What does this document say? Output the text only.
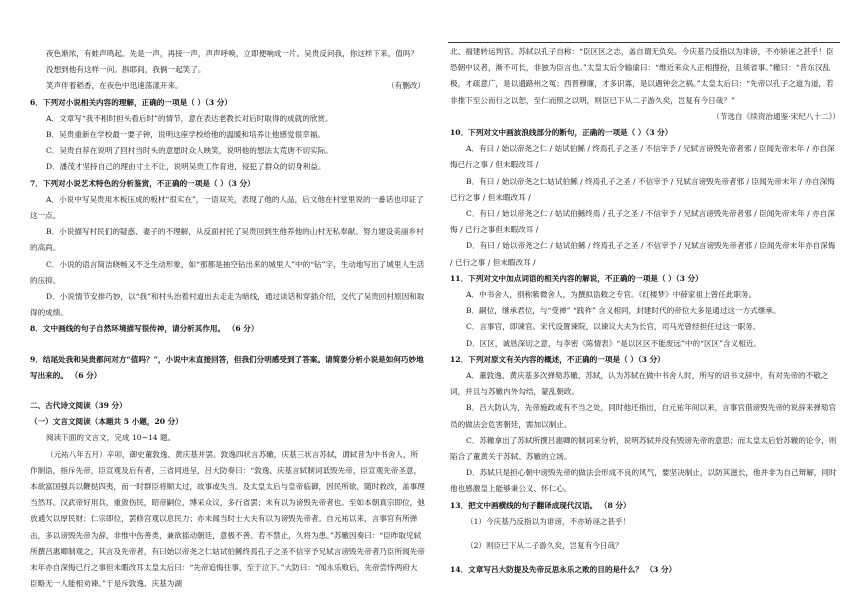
夜色渐浓，有蛙声鸣起。先是一声，再接一声，声声呼唤，立即便响成一片。吴贵反问我，你这样下来，值吗？
没想到他有这样一问。斟耶间，我俩一起笑了。
笑声伴着稻香，在夜色中迅速荡漾开来。	（有删改）
6．下列对小说相关内容的理解，正确的一项是（ ）（3 分）
A．文章写“我不相时担头看后时”的情节，意在表达老教长对后时取得的成就的欣赏。
B．吴贵重新在学校最一要子钟，说明这座学校给他的温暖和培养让他感觉很幸福。
C．吴贵自荐在说明了回村当时头的意愿时众人映笑，说明他的想法太荒唐不切实际。
D．潘茂才坚持自己的理由寸土不让，说明吴贵工作育进，侵犯了群众的切身利益。
7．下列对小说艺术特色的分析鉴赏，不正确的一项是（ ）（3 分）
A．小说中写吴贵用木板压成的板材“很实在”，一语双关，表现了他的人品，后文他在村堂里说的一番话也印证了这一点。
B．小说描写村民们的疑惑、妻子的不理解，从反面衬托了吴贵回到生他养他的山村无私奉献、努力建设美丽乡村的高尚。
C．小说的语言简洁晓畅又不乏生动形象，如“那都是抽空钻出来的城里人”中的“钻”字，生动地写出了城里人生活的压抑。
D．小说情节安排巧妙，以“我”和村头治着村道出去走走为暗线，通过谈话和穿插介绍，交代了吴贵回村原因和取得的成绩。
8．文中画线的句子自然环境描写很传神，请分析其作用。 （6 分）
9．结尾处我和吴贵都问对方“值吗？”，小说中未直接回答，但我们分明感受到了答案。请简要分析小说是如何巧妙地写出来的。 （6 分）
二、古代诗文阅读（39 分）
（一）文言文阅读（本题共 5 小题，20 分）
阅读下面的文言文，完成 10~14 题。
（元祐八年五月）辛卯，御史董敦逸、黄庆基并罢。敦逸四状言苏辙，庆基三状言苏轼，谓轼昔为中书舍人，所作制诰，指斥先帝，臣宣观及后有者，三省同进呈，吕大防奏曰：“敦逸、庆基言轼制词诋毁先帝，臣宣观先帝圣意，本欲富国强兵以鞭挞四夷，而一时群臣将顺太过，故事或失当。及太皇太后与皇帝临御，因民所欲，随时救改，盖事理当然耳。汉武帝好用兵，重敛伤民，昭帝嗣位，博采众议，多行省罢；未有以为谤毁先帝者也。至如本朝真宗即位，弛放逋欠以厚民财；仁宗即位，罢修宫观以息民力；亦未闻当时士大夫有以为谤毁先帝者。自元祐以来，言事官有所弹击，多以谤毁先帝为辞，非惟中伤善类，兼欲摇动朝廷，意极不善。若不禁止，久将为患。”苏辙因奏曰：“臣昨取见轼所撰吕惠卿制观之，其言及先帝者，有曰始以帝尧之仁姑试伯鲧终焉孔子之圣不信宰予兄轼言谤毁先帝者乃臣所闻先帝末年亦自深悔已行之事但未暇改耳太皇太后曰：“先帝追悔往事，至于泣下。”大防曰：“闻永乐败后，先帝尝恃两府大臣略无一人能相劝谏。”于是斥敦逸、庆基为湖
北、福建转运判官。苏轼以孔子自称：“臣区区之志，盖自谓无负矣。今庆基乃反指以为诽谤，不亦矫诬之甚乎！臣恐朝中议者，渐不可长，非独为臣言也。”太皇太后令输谕曰：“维近来众人正相搜扮，且须省事。”辙曰：“昔东汉乱极，才疏意广，是以遗路州之冤；西晋穆廉，才多识寡，是以遇钟会之祸。”太皇太后曰：“先帝以孔子之道为道，若非推下至公而行之以恕，至仁而照之以明，则臣已下从二子游久矣，岂复有今日哉？”
（节选自《续资治通鉴·宋纪八十二》）
10．下列对文中画波浪线部分的断句，正确的一项是（ ）（3 分）
A．有曰 / 始以帝尧之仁 / 姑试伯鲧 / 终焉孔子之圣 / 不信宰予 / 兄轼言谤毁先帝者邪 / 臣闻先帝末年 / 亦自深悔已行之事 / 但未暇改耳 /
B．有曰 / 始以帝尧之仁姑试伯鲧 / 终焉孔子之圣 / 不信宰予 / 兄轼言谤毁先帝者邪 / 臣闻先帝末年 / 亦自深悔已行之事 / 但未暇改耳 /
C．有曰 / 始以帝尧之仁 / 姑试伯鲧终焉 / 孔子之圣 / 不信宰予 / 兄轼言谤毁先帝者邪 / 臣闻先帝末年 / 亦自深悔 / 已行之事但未暇改耳 /
D．有曰 / 始以帝尧之仁 / 姑试伯鲧 / 终焉孔子之圣 / 不信宰予 / 兄轼言谤毁先帝者邪 / 臣闻先帝末年亦自深悔 / 已行之事 / 但未暇改耳 /
11．下列对文中加点词语的相关内容的解说，不正确的一项是（ ）（3 分）
A．中书舍人，别称紫微舍人，为撰拟诰敕之专官。《红楼梦》中薛家祖上曾任此职务。
B．嗣位，继承君位，与“受禅” “践祚” 含义相同，封建时代的帝位大多是通过这一方式继承。
C．言事官，即谏官。宋代设置谏院，以谏议大夫为长官，司马光曾经担任过这一职务。
D．区区，诚恳深切之意，与李密《陈情表》“是以区区不能废远”中的“区区”含义相近。
12．下列对原文有关内容的概述，不正确的一项是（ ）（3 分）
A．董敦逸、黄庆基多次弹劾苏辙、苏轼，认为苏轼在做中书舍人时，所写的诏书文辞中，有对先帝的不敬之词，并且与苏辙内外勾结，蒙乱朝政。
B．吕大防认为，先帝施政或有不当之处，同时他还指出，自元祐年间以来，言事官借谤毁先帝的说辞来弹劾官员的做法会危害朝廷，需加以制止。
C．苏辙拿出了苏轼所撰吕惠卿的制词来分析，说明苏轼并没有毁谤先帝的意思；而太皇太后恰苏辙的论令，则陷合了董黄关于苏轼、苏辙的立场。
D．苏轼只是担心朝中谤毁先帝的做法会形成不良的风气，要坚决制止，以防其滋长，他并非为自己辩解，同时他也感激皇上能够秉公义、怀仁心。
13．把文中画横线的句子翻译成现代汉语。 （8 分）
（1）今庆基乃反指以为诽谤，不亦矫诬之甚乎！
（2）则臣已下从二子游久矣，岂复有今日哉？
14．文章写吕大防提及先帝反思永乐之败的目的是什么？ （3 分）
